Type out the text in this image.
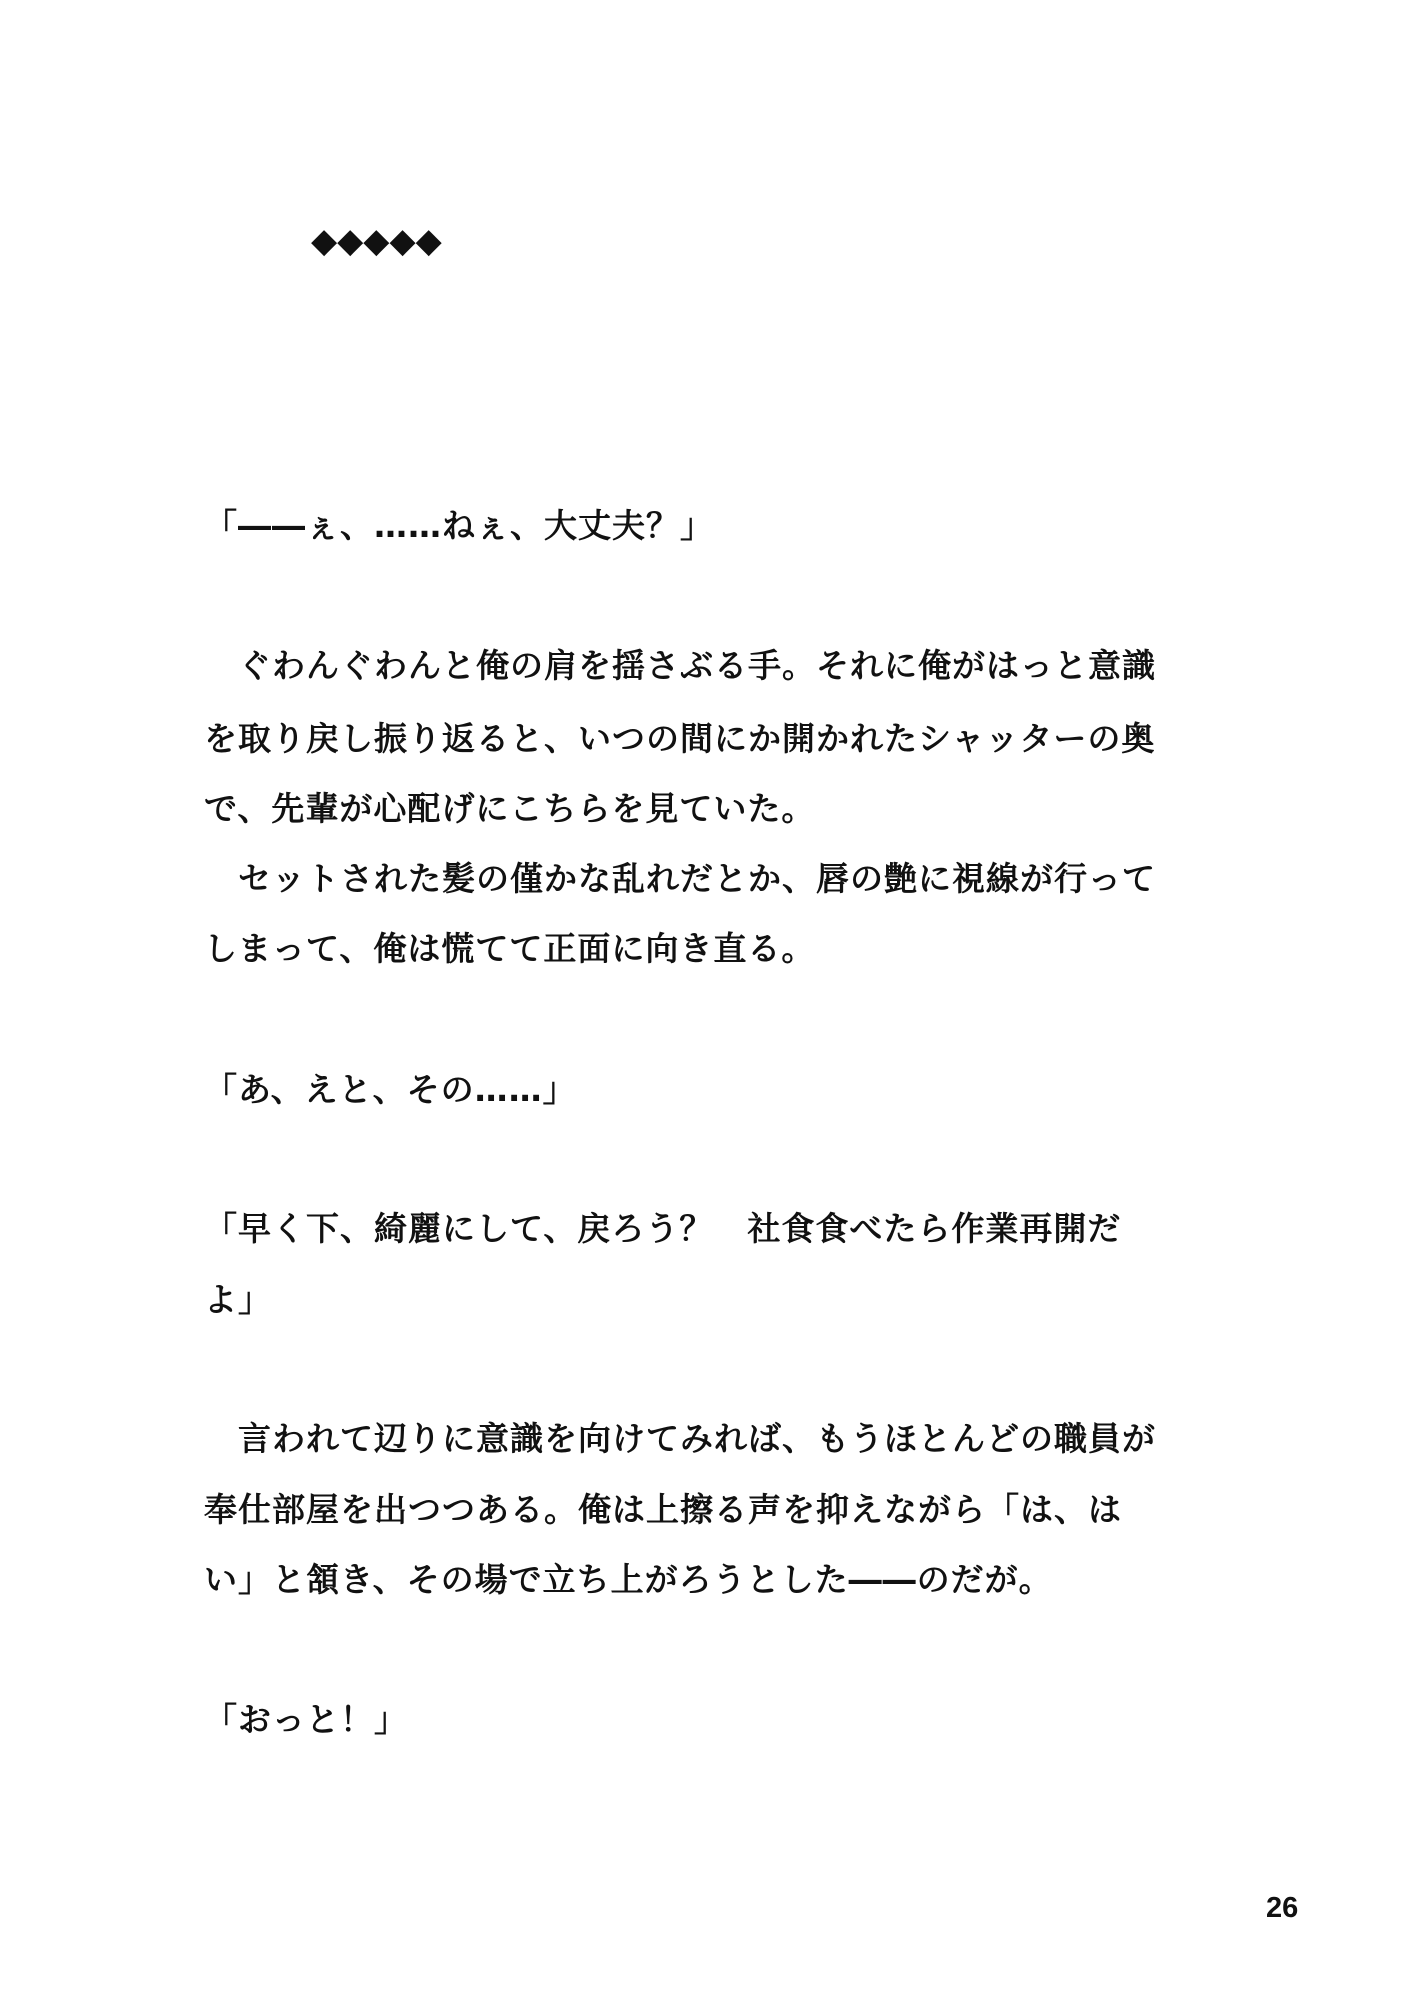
◆◆◆◆◆
「――ぇ、……ねぇ、大丈夫？」
　ぐわんぐわんと俺の肩を揺さぶる手。それに俺がはっと意識
を取り戻し振り返ると、いつの間にか開かれたシャッターの奥
で、先輩が心配げにこちらを見ていた。
　セットされた髪の僅かな乱れだとか、唇の艶に視線が行って
しまって、俺は慌てて正面に向き直る。
「あ、えと、その……」
「早く下、綺麗にして、戻ろう？　社食食べたら作業再開だ
よ」
　言われて辺りに意識を向けてみれば、もうほとんどの職員が
奉仕部屋を出つつある。俺は上擦る声を抑えながら「は、は
い」と頷き、その場で立ち上がろうとした――のだが。
「おっと！」
26
